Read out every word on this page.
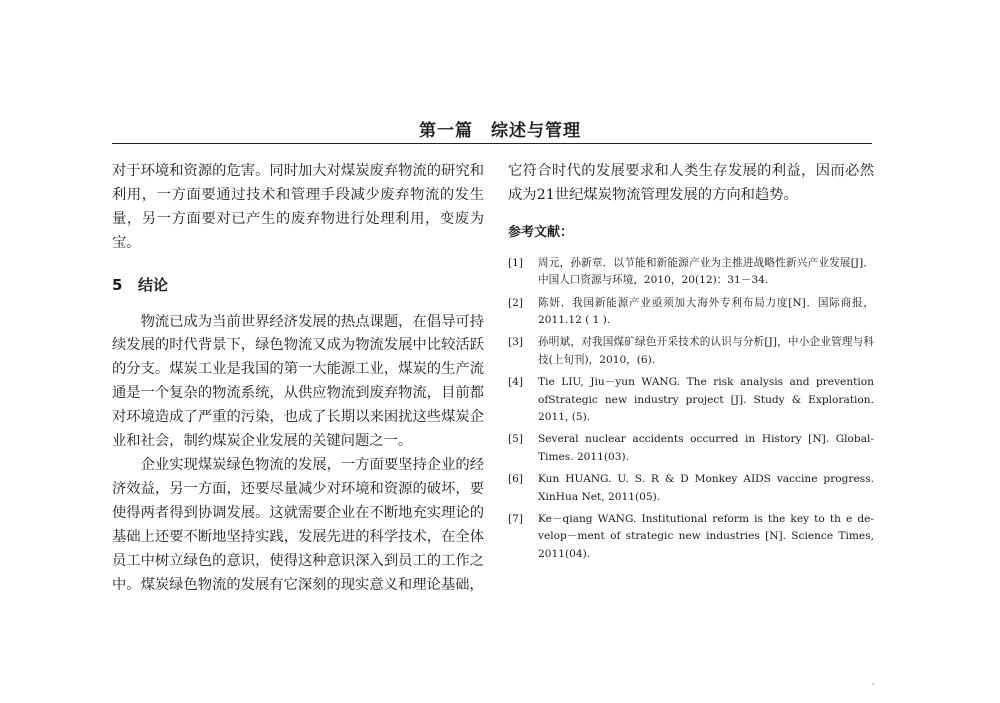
第一篇　综述与管理

对于环境和资源的危害。同时加大对煤炭废弃物流的研究和利用，一方面要通过技术和管理手段减少废弃物流的发生量，另一方面要对已产生的废弃物进行处理利用，变废为宝。

5 结论

物流已成为当前世界经济发展的热点课题，在倡导可持续发展的时代背景下，绿色物流又成为物流发展中比较活跃的分支。煤炭工业是我国的第一大能源工业，煤炭的生产流通是一个复杂的物流系统，从供应物流到废弃物流，目前都对环境造成了严重的污染，也成了长期以来困扰这些煤炭企业和社会，制约煤炭企业发展的关键问题之一。

企业实现煤炭绿色物流的发展，一方面要坚持企业的经济效益，另一方面，还要尽量减少对环境和资源的破坏，要使得两者得到协调发展。这就需要企业在不断地充实理论的基础上还要不断地坚持实践，发展先进的科学技术，在全体员工中树立绿色的意识，使得这种意识深入到员工的工作之中。煤炭绿色物流的发展有它深刻的现实意义和理论基础，

它符合时代的发展要求和人类生存发展的利益，因而必然成为21世纪煤炭物流管理发展的方向和趋势。

参考文献：
[1]	周元，孙新章．以节能和新能源产业为主推进战略性新兴产业发展[J]．中国人口资源与环境，2010，20(12)：31－34.
[2]	陈妍．我国新能源产业亟须加大海外专利布局力度[N]．国际商报，2011.12 ( 1 ).
[3]	孙明斌，对我国煤矿绿色开采技术的认识与分析[J]，中小企业管理与科技(上旬刊)，2010，(6).
[4]	Tie LIU, Jiu－yun WANG. The risk analysis and prevention ofStrategic new industry project [J]. Study & Exploration. 2011, (5).
[5]	Several nuclear accidents occurred in History [N]. Global-Times. 2011(03).
[6]	Kun HUANG. U. S. R & D Monkey AIDS vaccine progress. XinHua Net, 2011(05).
[7]	Ke－qiang WANG. Institutional reform is the key to th e de-velop－ment of strategic new industries [N]. Science Times, 2011(04).
